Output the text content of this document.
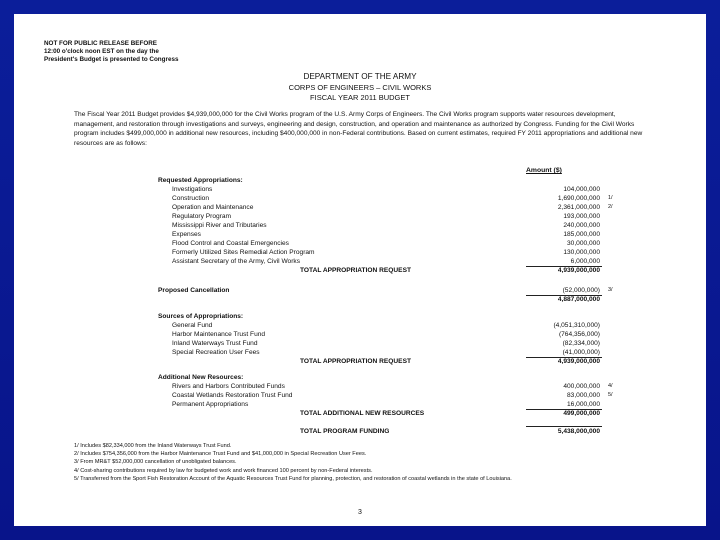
NOT FOR PUBLIC RELEASE BEFORE
12:00 o'clock noon EST on the day the
President's Budget is presented to Congress
DEPARTMENT OF THE ARMY
CORPS OF ENGINEERS – CIVIL WORKS
FISCAL YEAR 2011 BUDGET
The Fiscal Year 2011 Budget provides $4,939,000,000 for the Civil Works program of the U.S. Army Corps of Engineers. The Civil Works program supports water resources development, management, and restoration through investigations and surveys, engineering and design, construction, and operation and maintenance as authorized by Congress. Funding for the Civil Works program includes $499,000,000 in additional new resources, including $400,000,000 in non-Federal contributions. Based on current estimates, required FY 2011 appropriations and additional new resources are as follows:
Amount ($)
Requested Appropriations:
Investigations	104,000,000
Construction	1,690,000,000 1/
Operation and Maintenance	2,361,000,000 2/
Regulatory Program	193,000,000
Mississippi River and Tributaries	240,000,000
Expenses	185,000,000
Flood Control and Coastal Emergencies	30,000,000
Formerly Utilized Sites Remedial Action Program	130,000,000
Assistant Secretary of the Army, Civil Works	6,000,000
TOTAL APPROPRIATION REQUEST	4,939,000,000
Proposed Cancellation	(52,000,000) 3/
4,887,000,000
Sources of Appropriations:
General Fund	(4,051,310,000)
Harbor Maintenance Trust Fund	(764,356,000)
Inland Waterways Trust Fund	(82,334,000)
Special Recreation User Fees	(41,000,000)
TOTAL APPROPRIATION REQUEST	4,939,000,000
Additional New Resources:
Rivers and Harbors Contributed Funds	400,000,000 4/
Coastal Wetlands Restoration Trust Fund	83,000,000 5/
Permanent Appropriations	16,000,000
TOTAL ADDITIONAL NEW RESOURCES	499,000,000
TOTAL PROGRAM FUNDING	5,438,000,000
1/ Includes $82,334,000 from the Inland Waterways Trust Fund.
2/ Includes $754,356,000 from the Harbor Maintenance Trust Fund and $41,000,000 in Special Recreation User Fees.
3/ From MR&T $52,000,000 cancellation of unobligated balances.
4/ Cost-sharing contributions required by law for budgeted work and work financed 100 percent by non-Federal interests.
5/ Transferred from the Sport Fish Restoration Account of the Aquatic Resources Trust Fund for planning, protection, and restoration of coastal wetlands in the state of Louisiana.
3
